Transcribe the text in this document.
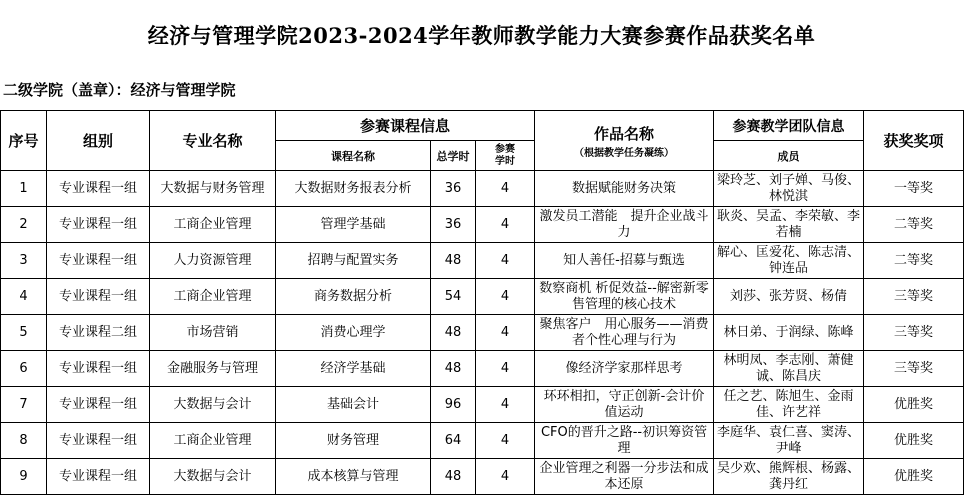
经济与管理学院2023-2024学年教师教学能力大赛参赛作品获奖名单
二级学院（盖章）：经济与管理学院
序号	组别	专业名称	参赛课程信息			作品名称
（根据教学任务凝练）	参赛教学团队信息	获奖奖项
			课程名称	总学时	参赛学时		成员	
1	专业课程一组	大数据与财务管理	大数据财务报表分析	36	4	数据赋能财务决策	梁玲芝、刘子婵、马俊、林悦淇	一等奖
2	专业课程一组	工商企业管理	管理学基础	36	4	激发员工潜能　提升企业战斗力	耿炎、吴孟、李荣敏、李若楠	二等奖
3	专业课程一组	人力资源管理	招聘与配置实务	48	4	知人善任-招募与甄选	解心、匡爱花、陈志清、钟连品	二等奖
4	专业课程一组	工商企业管理	商务数据分析	54	4	数察商机 析促效益--解密新零售管理的核心技术	刘莎、张芳贤、杨倩	三等奖
5	专业课程二组	市场营销	消费心理学	48	4	聚焦客户　用心服务——消费者个性心理与行为	林日弟、于润绿、陈峰	三等奖
6	专业课程一组	金融服务与管理	经济学基础	48	4	像经济学家那样思考	林明凤、李志刚、萧健诚、陈昌庆	三等奖
7	专业课程一组	大数据与会计	基础会计	96	4	环环相扣，守正创新-会计价值运动	任之艺、陈旭生、金雨佳、许艺祥	优胜奖
8	专业课程一组	工商企业管理	财务管理	64	4	CFO的晋升之路--初识筹资管理	李庭华、袁仁喜、窦涛、尹峰	优胜奖
9	专业课程一组	大数据与会计	成本核算与管理	48	4	企业管理之利器一分步法和成本还原	吴少欢、熊辉根、杨露、龚丹红	优胜奖
